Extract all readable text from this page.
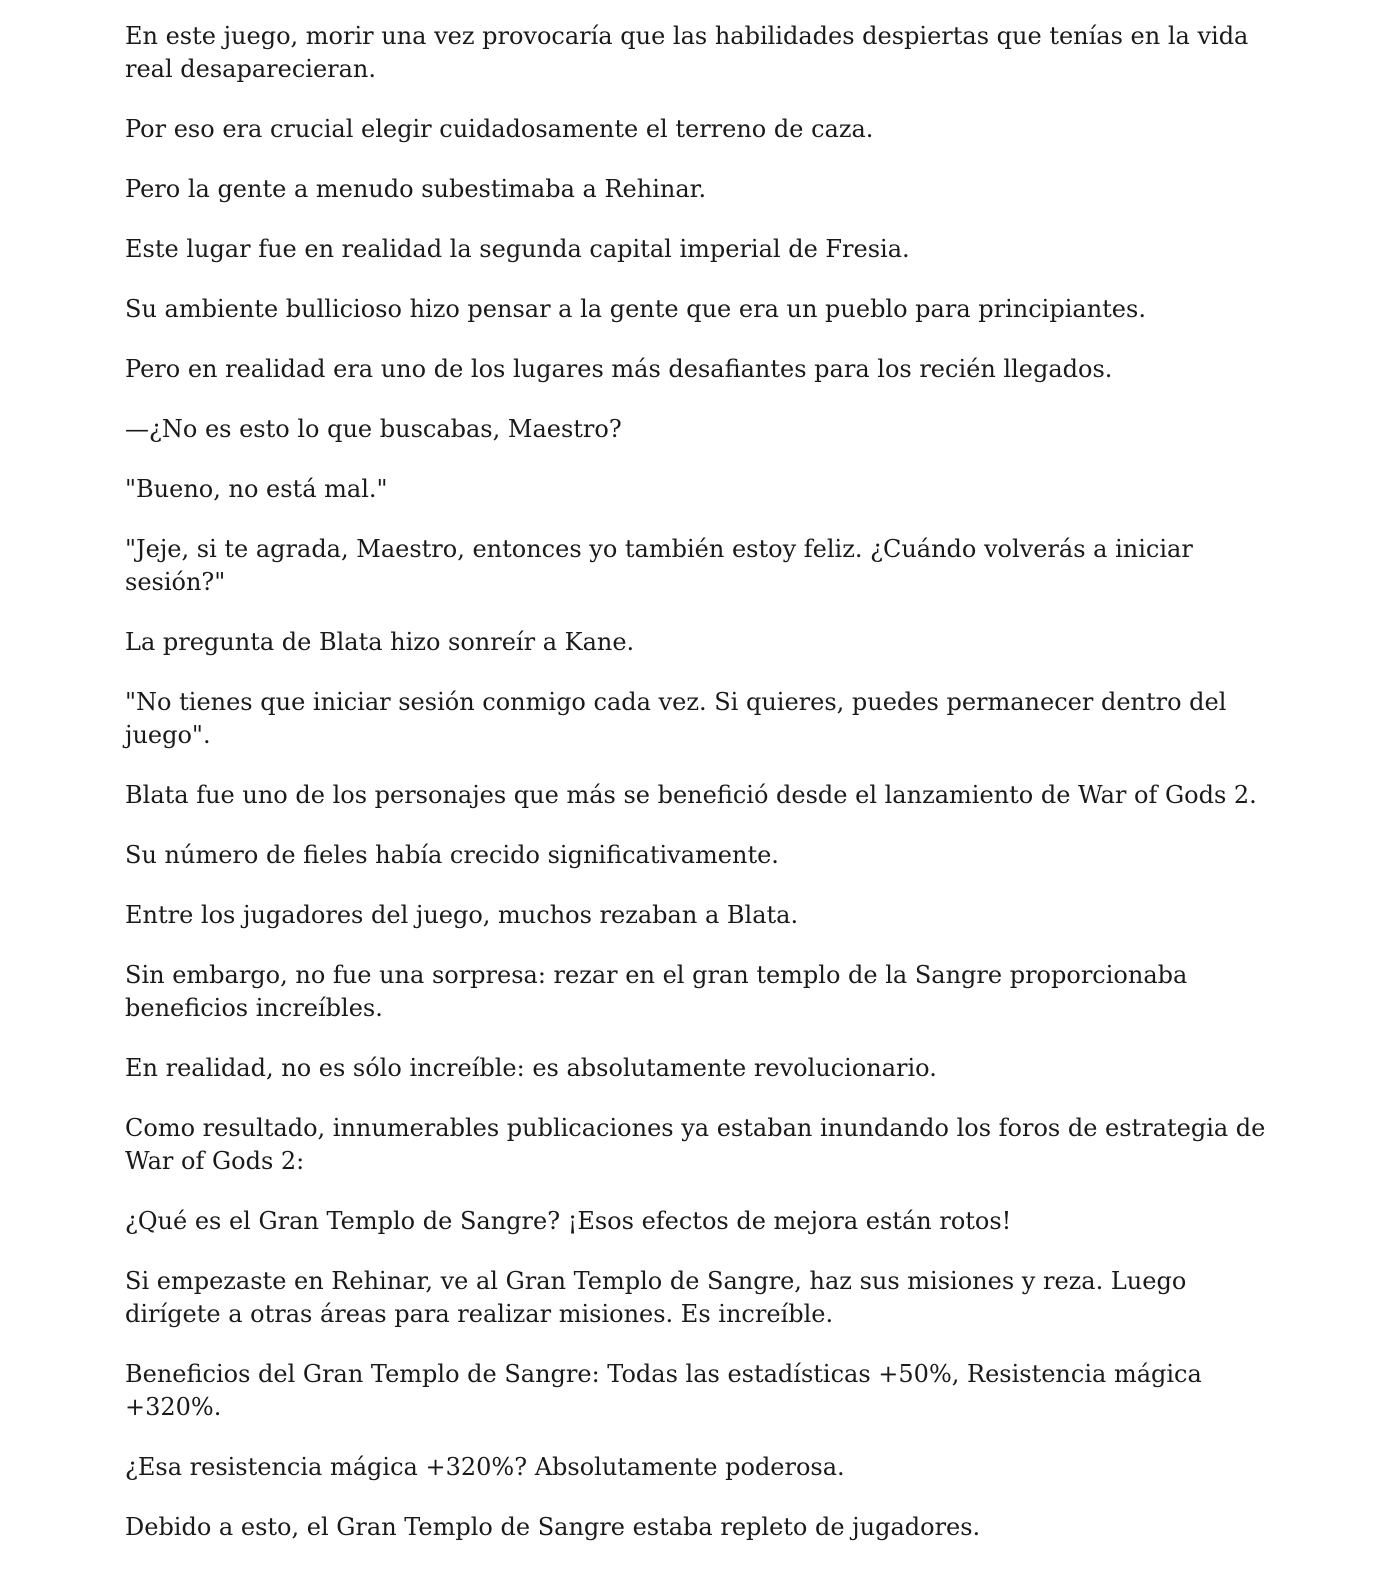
En este juego, morir una vez provocaría que las habilidades despiertas que tenías en la vida real desaparecieran.

Por eso era crucial elegir cuidadosamente el terreno de caza.

Pero la gente a menudo subestimaba a Rehinar.

Este lugar fue en realidad la segunda capital imperial de Fresia.

Su ambiente bullicioso hizo pensar a la gente que era un pueblo para principiantes.

Pero en realidad era uno de los lugares más desafiantes para los recién llegados.

—¿No es esto lo que buscabas, Maestro?

"Bueno, no está mal."

"Jeje, si te agrada, Maestro, entonces yo también estoy feliz. ¿Cuándo volverás a iniciar sesión?"

La pregunta de Blata hizo sonreír a Kane.

"No tienes que iniciar sesión conmigo cada vez. Si quieres, puedes permanecer dentro del juego".

Blata fue uno de los personajes que más se benefició desde el lanzamiento de War of Gods 2.

Su número de fieles había crecido significativamente.

Entre los jugadores del juego, muchos rezaban a Blata.

Sin embargo, no fue una sorpresa: rezar en el gran templo de la Sangre proporcionaba beneficios increíbles.

En realidad, no es sólo increíble: es absolutamente revolucionario.

Como resultado, innumerables publicaciones ya estaban inundando los foros de estrategia de War of Gods 2:

¿Qué es el Gran Templo de Sangre? ¡Esos efectos de mejora están rotos!

Si empezaste en Rehinar, ve al Gran Templo de Sangre, haz sus misiones y reza. Luego dirígete a otras áreas para realizar misiones. Es increíble.

Beneficios del Gran Templo de Sangre: Todas las estadísticas +50%, Resistencia mágica +320%.

¿Esa resistencia mágica +320%? Absolutamente poderosa.

Debido a esto, el Gran Templo de Sangre estaba repleto de jugadores.
